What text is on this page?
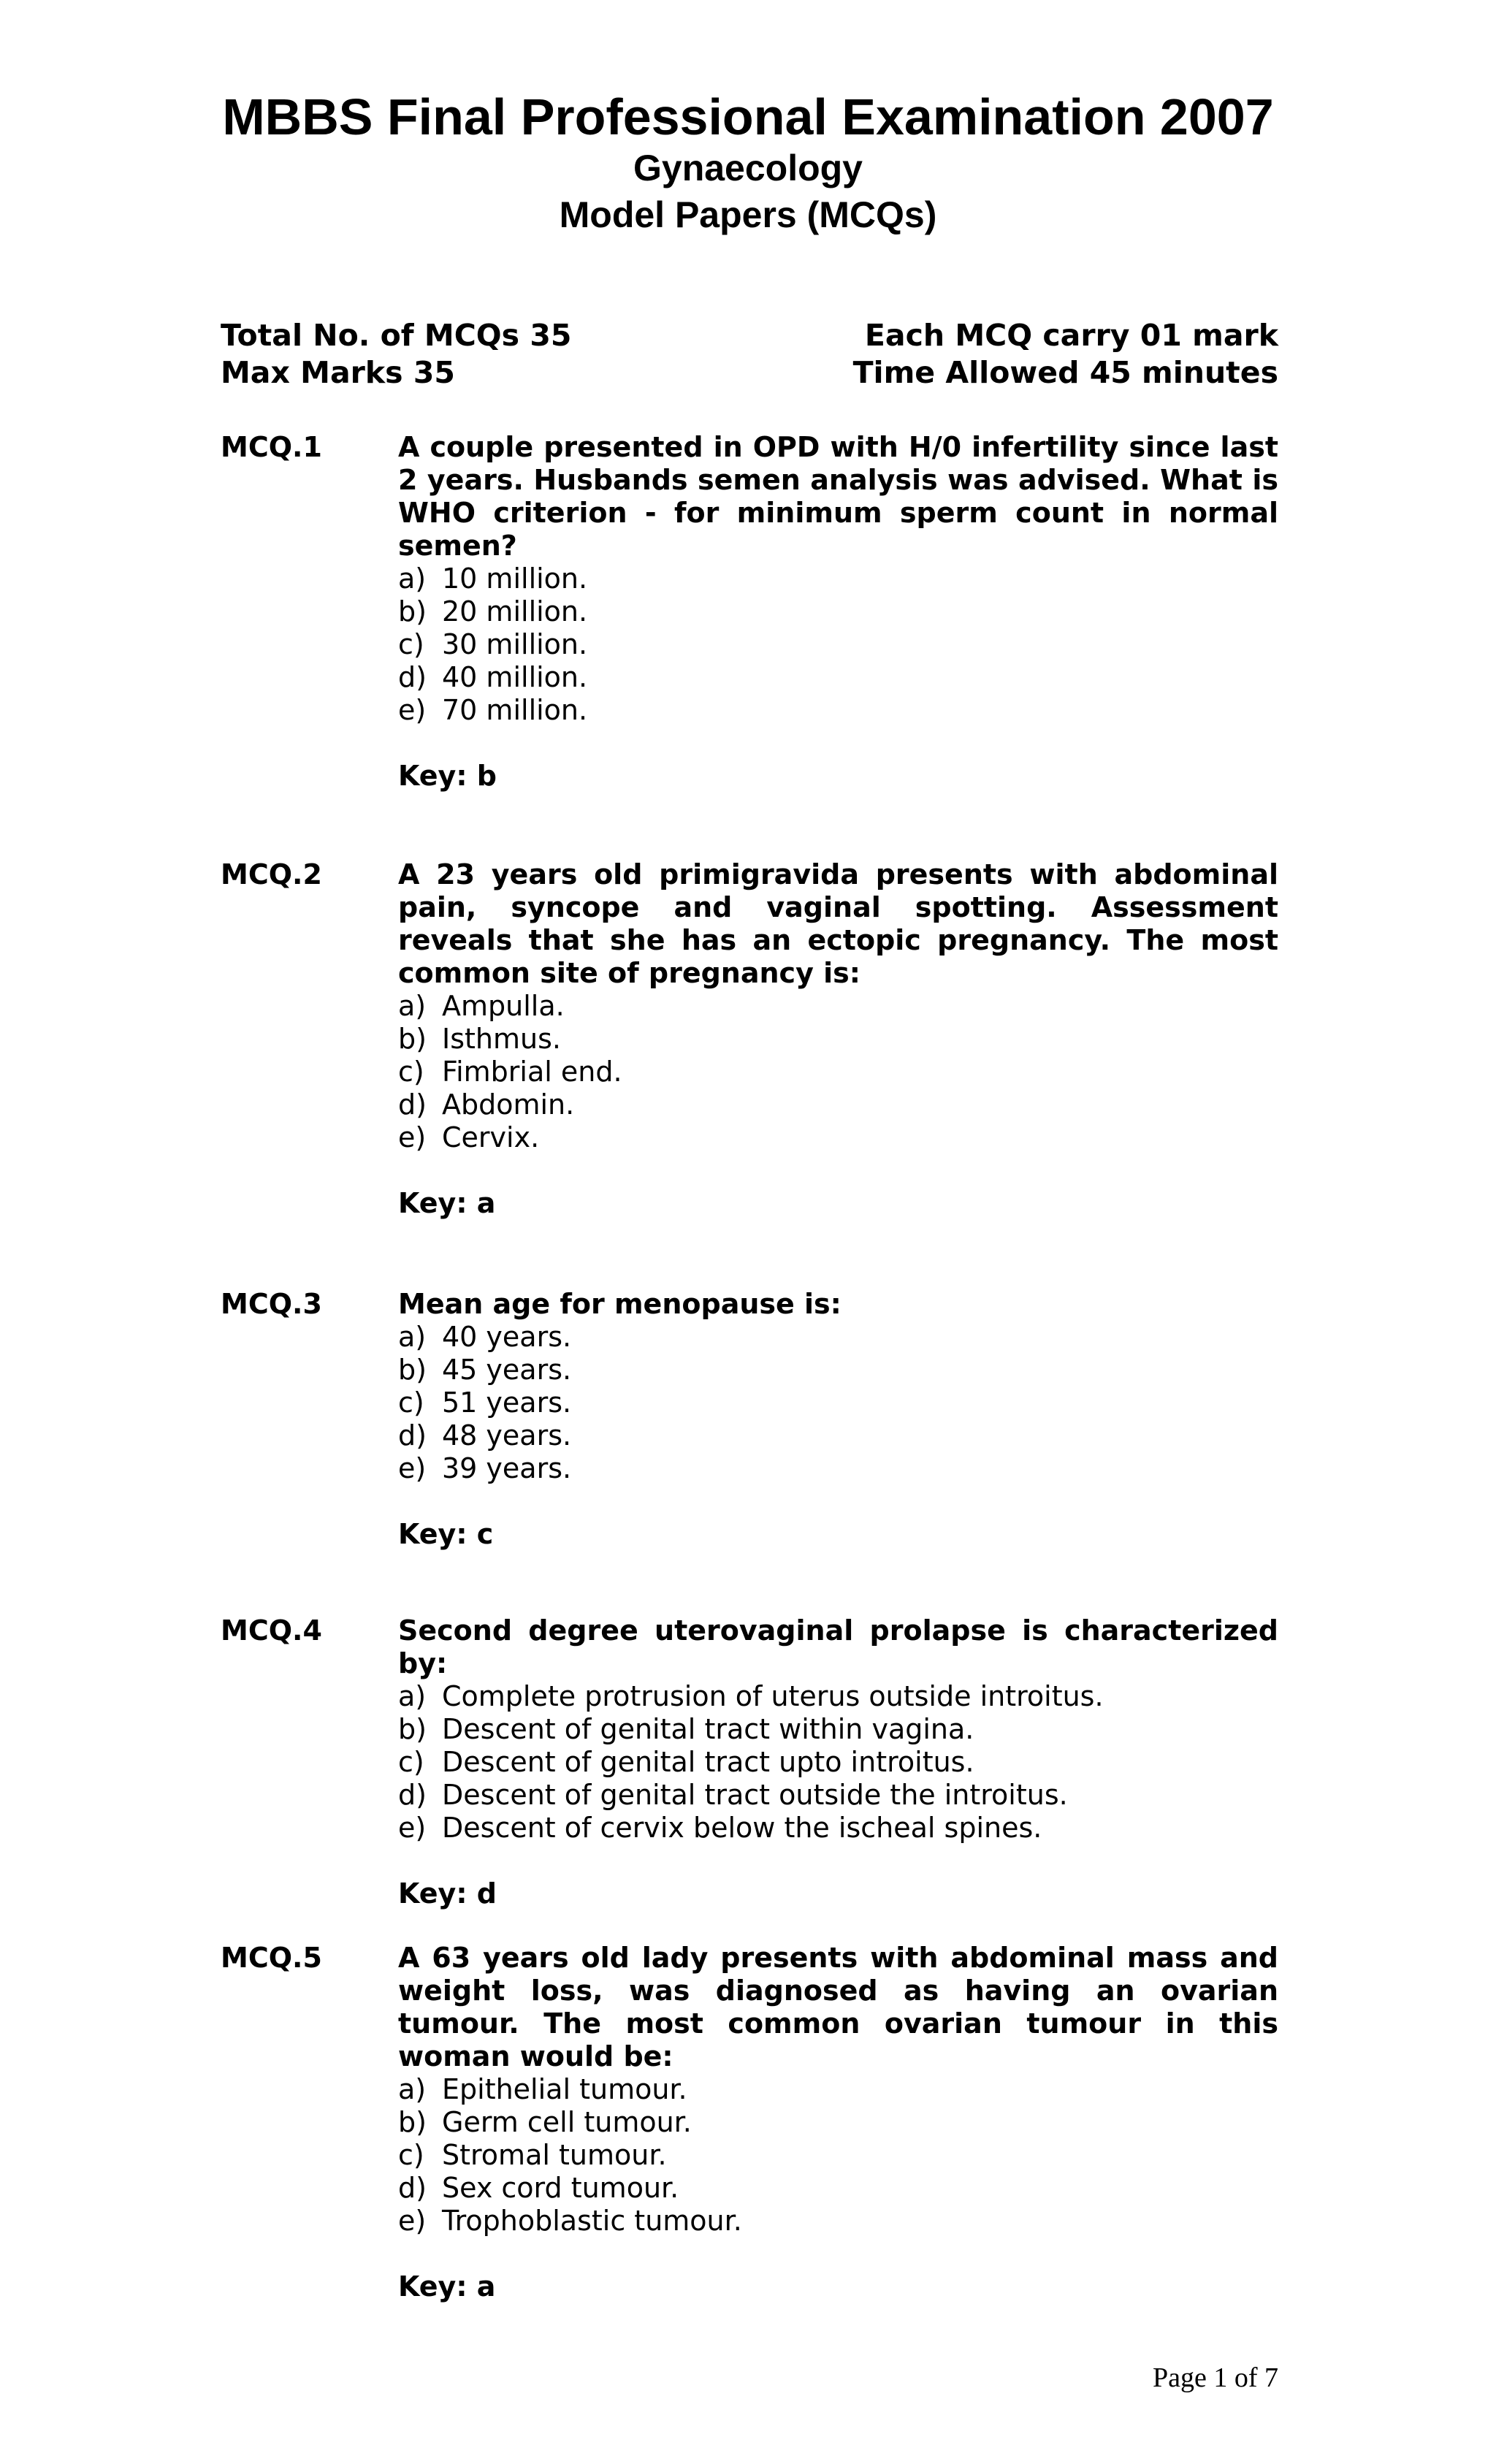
MBBS Final Professional Examination 2007
Gynaecology
Model Papers (MCQs)
Total No. of MCQs 35	Each MCQ carry 01 mark
Max Marks 35	Time Allowed 45 minutes
MCQ.1	A couple presented in OPD with H/0 infertility since last 2 years. Husbands semen analysis was advised. What is WHO criterion - for minimum sperm count in normal semen?

a) 10 million.
b) 20 million.
c) 30 million.
d) 40 million.
e) 70 million.
Key: b
MCQ.2	A 23 years old primigravida presents with abdominal pain, syncope and vaginal spotting. Assessment reveals that she has an ectopic pregnancy. The most common site of pregnancy is:

a) Ampulla.
b) Isthmus.
c) Fimbrial end.
d) Abdomin.
e) Cervix.
Key: a
MCQ.3	Mean age for menopause is:

a) 40 years.
b) 45 years.
c) 51 years.
d) 48 years.
e) 39 years.
Key: c
MCQ.4	Second degree uterovaginal prolapse is characterized by:

a) Complete protrusion of uterus outside introitus.
b) Descent of genital tract within vagina.
c) Descent of genital tract upto introitus.
d) Descent of genital tract outside the introitus.
e) Descent of cervix below the ischeal spines.
Key: d
MCQ.5	A 63 years old lady presents with abdominal mass and weight loss, was diagnosed as having an ovarian tumour. The most common ovarian tumour in this woman would be:

a) Epithelial tumour.
b) Germ cell tumour.
c) Stromal tumour.
d) Sex cord tumour.
e) Trophoblastic tumour.
Key: a
Page 1 of 7
